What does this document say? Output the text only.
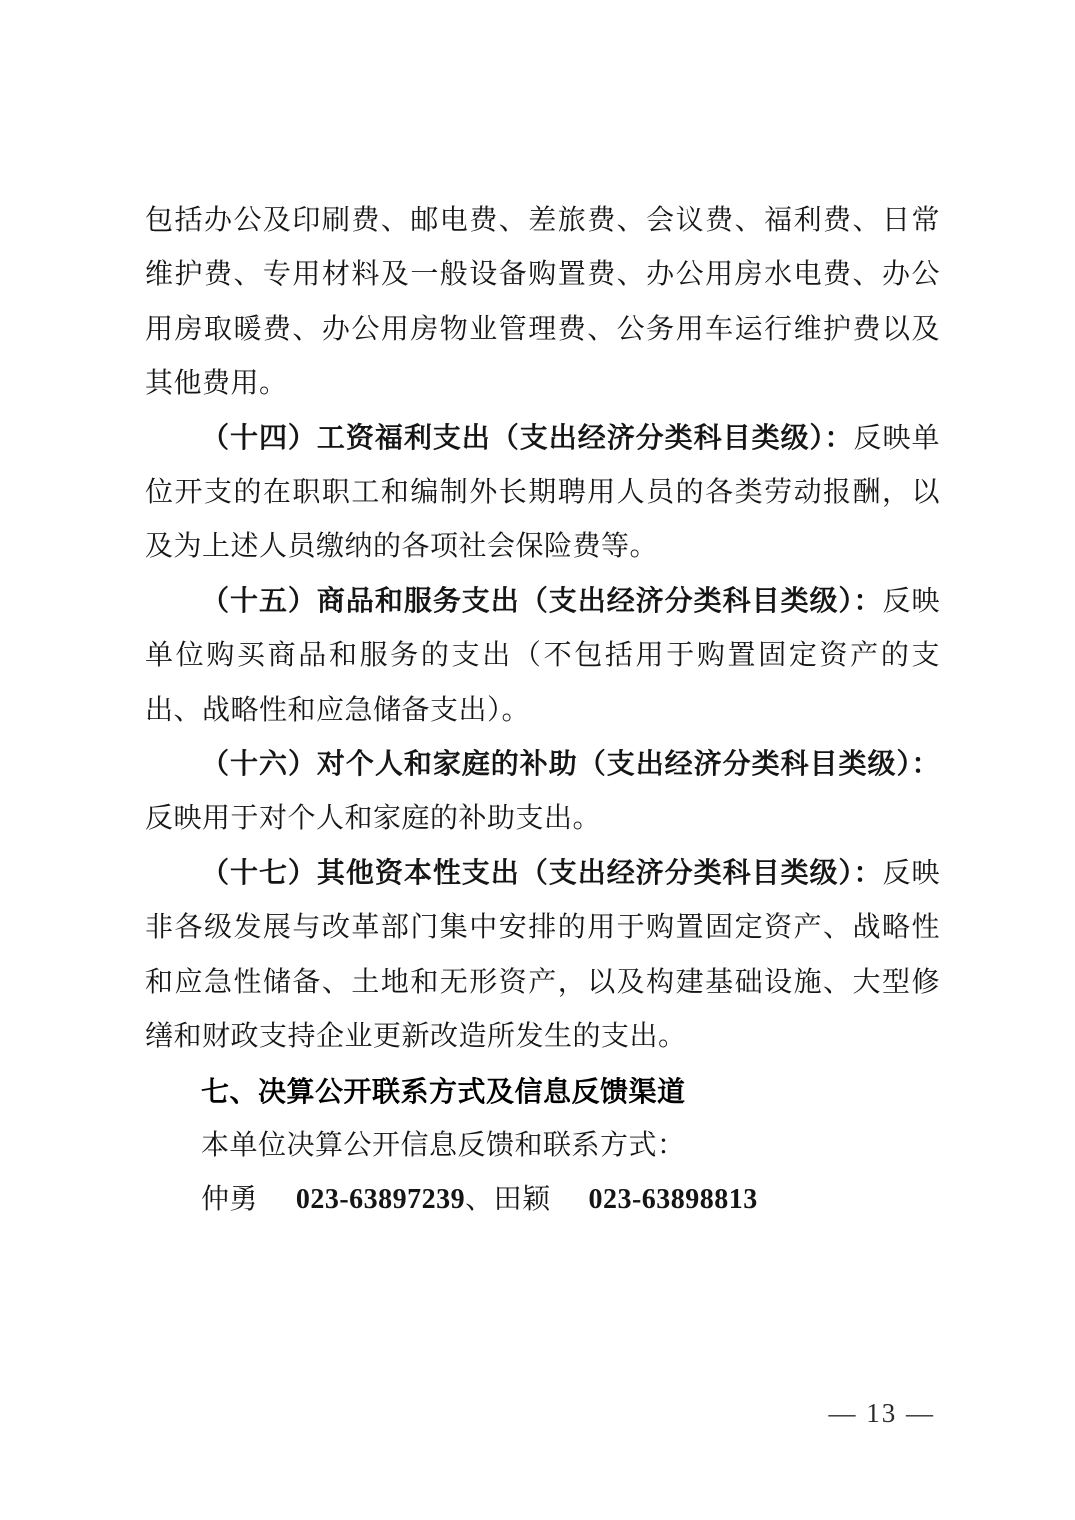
包括办公及印刷费、邮电费、差旅费、会议费、福利费、日常维护费、专用材料及一般设备购置费、办公用房水电费、办公用房取暖费、办公用房物业管理费、公务用车运行维护费以及其他费用。

（十四）工资福利支出（支出经济分类科目类级）：反映单位开支的在职职工和编制外长期聘用人员的各类劳动报酬，以及为上述人员缴纳的各项社会保险费等。

（十五）商品和服务支出（支出经济分类科目类级）：反映单位购买商品和服务的支出（不包括用于购置固定资产的支出、战略性和应急储备支出）。

（十六）对个人和家庭的补助（支出经济分类科目类级）：反映用于对个人和家庭的补助支出。

（十七）其他资本性支出（支出经济分类科目类级）：反映非各级发展与改革部门集中安排的用于购置固定资产、战略性和应急性储备、土地和无形资产，以及构建基础设施、大型修缮和财政支持企业更新改造所发生的支出。

七、决算公开联系方式及信息反馈渠道

本单位决算公开信息反馈和联系方式：

仲勇 023-63897239、田颖 023-63898813

— 13 —
